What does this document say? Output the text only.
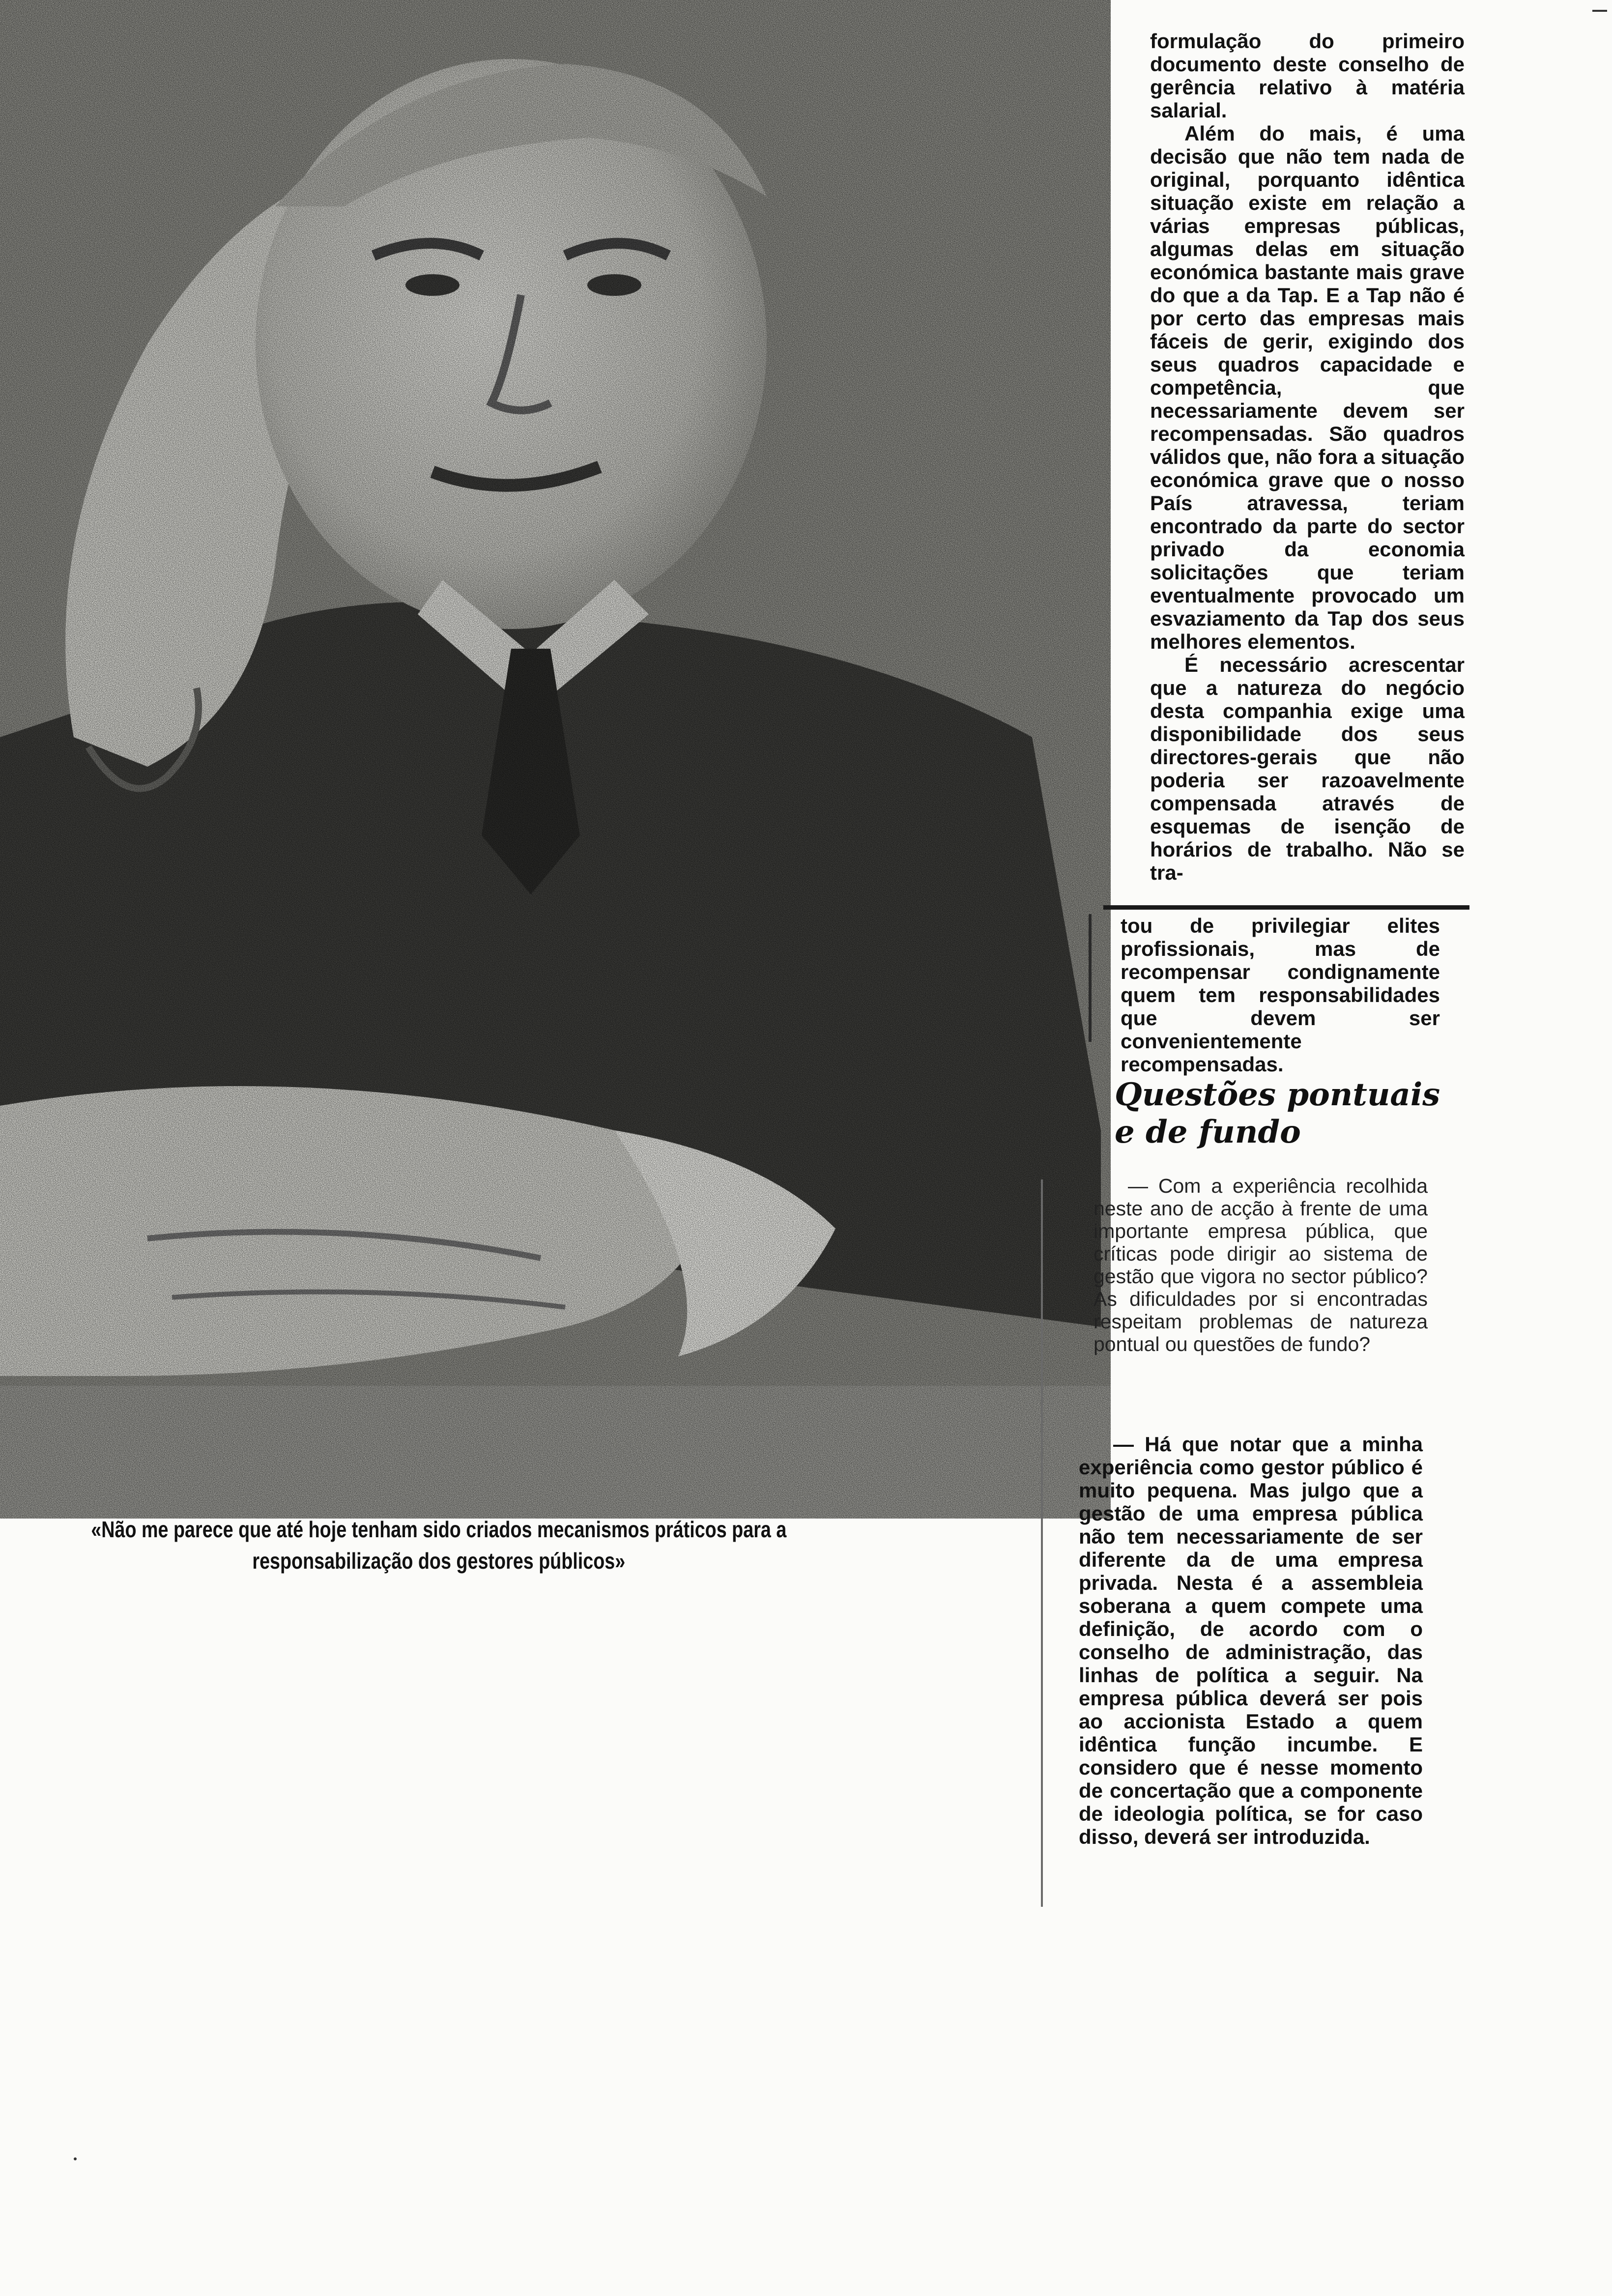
«Não me parece que até hoje tenham sido criados mecanismos práticos para a responsabilização dos gestores públicos»

formulação do primeiro documento deste conselho de gerência relativo à matéria salarial.

Além do mais, é uma decisão que não tem nada de original, porquanto idêntica situação existe em relação a várias empresas públicas, algumas delas em situação económica bastante mais grave do que a da Tap. E a Tap não é por certo das empresas mais fáceis de gerir, exigindo dos seus quadros capacidade e competência, que necessariamente devem ser recompensadas. São quadros válidos que, não fora a situação económica grave que o nosso País atravessa, teriam encontrado da parte do sector privado da economia solicitações que teriam eventualmente provocado um esvaziamento da Tap dos seus melhores elementos.

É necessário acrescentar que a natureza do negócio desta companhia exige uma disponibilidade dos seus directores-gerais que não poderia ser razoavelmente compensada através de esquemas de isenção de horários de trabalho. Não se tra-

tou de privilegiar elites profissionais, mas de recompensar condignamente quem tem responsabilidades que devem ser convenientemente recompensadas.

Questões pontuais e de fundo

— Com a experiência recolhida neste ano de acção à frente de uma importante empresa pública, que críticas pode dirigir ao sistema de gestão que vigora no sector público? As dificuldades por si encontradas respeitam problemas de natureza pontual ou questões de fundo?

— Há que notar que a minha experiência como gestor público é muito pequena. Mas julgo que a gestão de uma empresa pública não tem necessariamente de ser diferente da de uma empresa privada. Nesta é a assembleia soberana a quem compete uma definição, de acordo com o conselho de administração, das linhas de política a seguir. Na empresa pública deverá ser pois ao accionista Estado a quem idêntica função incumbe. E considero que é nesse momento de concertação que a componente de ideologia política, se for caso disso, deverá ser introduzida.
